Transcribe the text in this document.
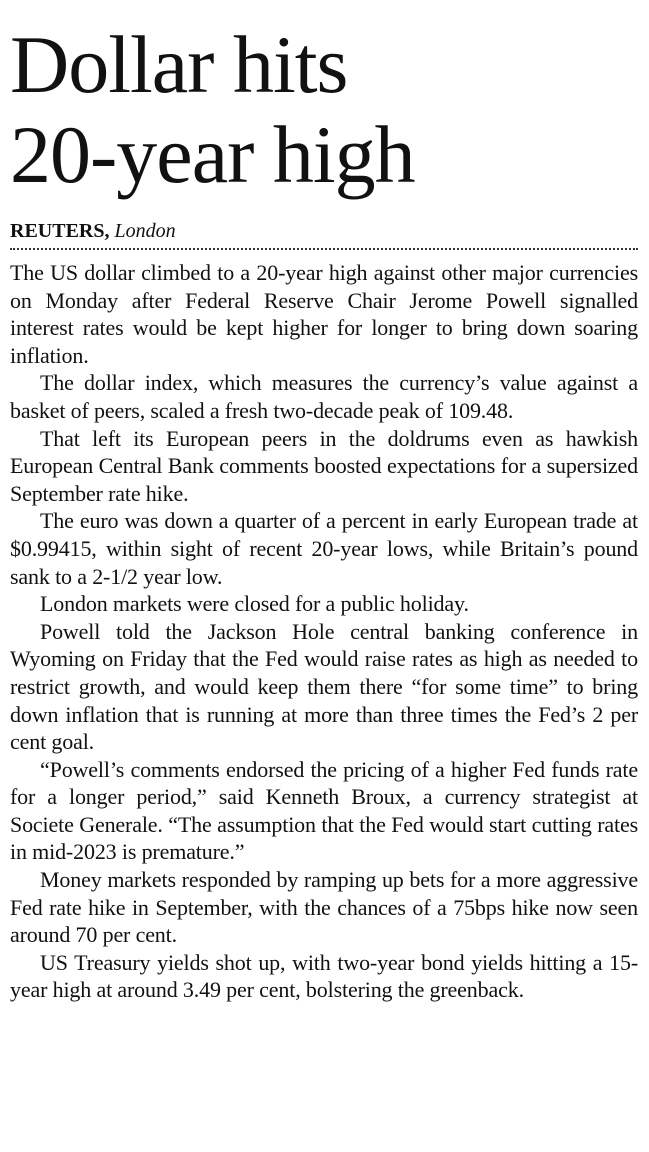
Dollar hits
20-year high
REUTERS, London

The US dollar climbed to a 20-year high against other major currencies on Monday after Federal Reserve Chair Jerome Powell signalled interest rates would be kept higher for longer to bring down soaring inflation.

The dollar index, which measures the currency’s value against a basket of peers, scaled a fresh two-decade peak of 109.48.

That left its European peers in the doldrums even as hawkish European Central Bank comments boosted expectations for a supersized September rate hike.

The euro was down a quarter of a percent in early European trade at $0.99415, within sight of recent 20-year lows, while Britain’s pound sank to a 2-1/2 year low.

London markets were closed for a public holiday.

Powell told the Jackson Hole central banking conference in Wyoming on Friday that the Fed would raise rates as high as needed to restrict growth, and would keep them there “for some time” to bring down inflation that is running at more than three times the Fed’s 2 per cent goal.

“Powell’s comments endorsed the pricing of a higher Fed funds rate for a longer period,” said Kenneth Broux, a currency strategist at Societe Generale. “The assumption that the Fed would start cutting rates in mid-2023 is premature.”

Money markets responded by ramping up bets for a more aggressive Fed rate hike in September, with the chances of a 75bps hike now seen around 70 per cent.

US Treasury yields shot up, with two-year bond yields hitting a 15-year high at around 3.49 per cent, bolstering the greenback.
